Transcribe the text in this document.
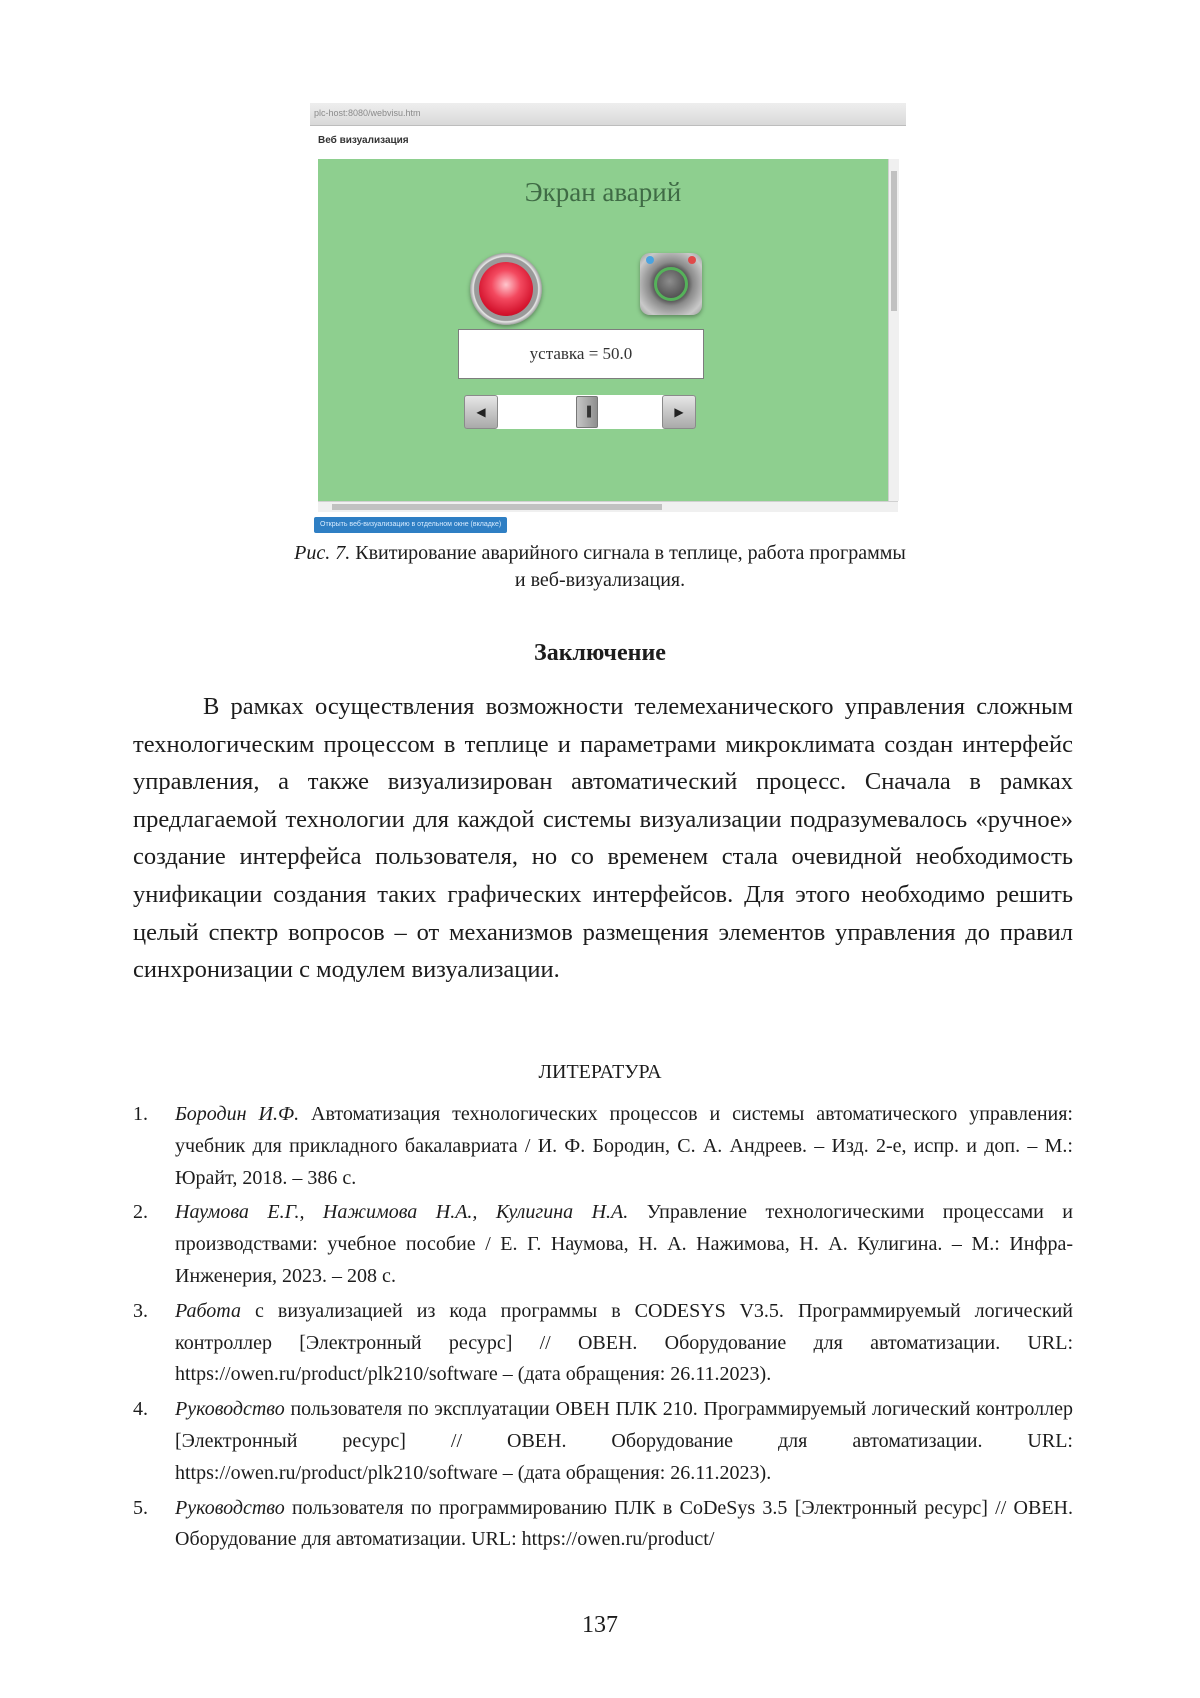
plc-host:8080/webvisu.htm
Веб визуализация
Экран аварий
уставка = 50.0
◀	▐	▶
Открыть веб-визуализацию в отдельном окне (вкладке)
Рис. 7. Квитирование аварийного сигнала в теплице, работа программы
и веб-визуализация.
Заключение

В рамках осуществления возможности телемеханического управления сложным технологическим процессом в теплице и параметрами микроклимата создан интерфейс управления, а также визуализирован автоматический процесс. Сначала в рамках предлагаемой технологии для каждой системы визуализации подразумевалось «ручное» создание интерфейса пользователя, но со временем стала очевидной необходимость унификации создания таких графических интерфейсов. Для этого необходимо решить целый спектр вопросов – от механизмов размещения элементов управления до правил синхронизации с модулем визуализации.

ЛИТЕРАТУРА
1. Бородин И.Ф. Автоматизация технологических процессов и системы автоматического управления: учебник для прикладного бакалавриата / И. Ф. Бородин, С. А. Андреев. – Изд. 2-е, испр. и доп. – М.: Юрайт, 2018. – 386 с.
2. Наумова Е.Г., Нажимова Н.А., Кулигина Н.А. Управление технологическими процессами и производствами: учебное пособие / Е. Г. Наумова, Н. А. Нажимова, Н. А. Кулигина. – М.: Инфра-Инженерия, 2023. – 208 с.
3. Работа с визуализацией из кода программы в CODESYS V3.5. Программируемый логический контроллер [Электронный ресурс] // ОВЕН. Оборудование для автоматизации. URL: https://owen.ru/product/plk210/software – (дата обращения: 26.11.2023).
4. Руководство пользователя по эксплуатации ОВЕН ПЛК 210. Программируемый логический контроллер [Электронный ресурс] // ОВЕН. Оборудование для автоматизации. URL: https://owen.ru/product/plk210/software – (дата обращения: 26.11.2023).
5. Руководство пользователя по программированию ПЛК в CoDeSys 3.5 [Электронный ресурс] // ОВЕН. Оборудование для автоматизации. URL: https://owen.ru/product/
137
